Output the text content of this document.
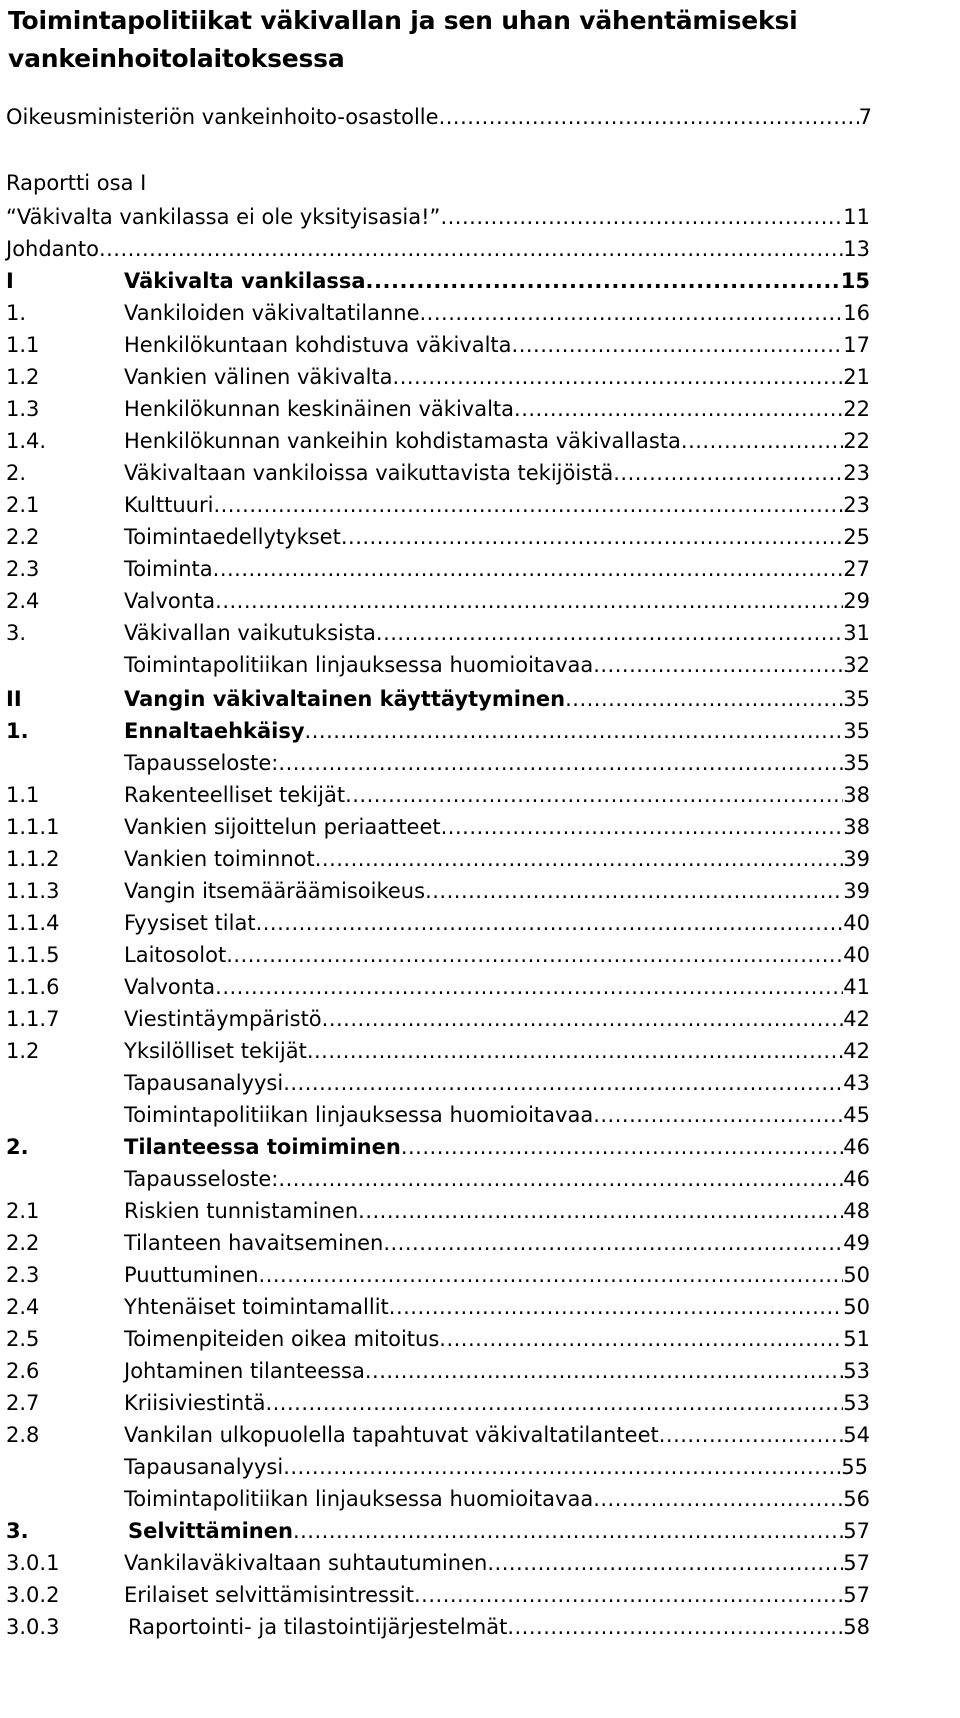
Toimintapolitiikat väkivallan ja sen uhan vähentämiseksi
vankeinhoitolaitoksessa
Oikeusministeriön vankeinhoito-osastolle .....	7
Raportti osa I
“Väkivalta vankilassa ei ole yksityisasia!” .....	11
Johdanto .....	13
I	Väkivalta vankilassa .....	15
1.	Vankiloiden väkivaltatilanne .....	16
1.1	Henkilökuntaan kohdistuva väkivalta .....	17
1.2	Vankien välinen väkivalta .....	21
1.3	Henkilökunnan keskinäinen väkivalta .....	22
1.4.	Henkilökunnan vankeihin kohdistamasta väkivallasta .....	22
2.	Väkivaltaan vankiloissa vaikuttavista tekijöistä .....	23
2.1	Kulttuuri .....	23
2.2	Toimintaedellytykset .....	25
2.3	Toiminta .....	27
2.4	Valvonta .....	29
3.	Väkivallan vaikutuksista .....	31
Toimintapolitiikan linjauksessa huomioitavaa .....	32
II	Vangin väkivaltainen käyttäytyminen .....	35
1.	Ennaltaehkäisy .....	35
Tapausseloste: .....	35
1.1	Rakenteelliset tekijät .....	38
1.1.1	Vankien sijoittelun periaatteet .....	38
1.1.2	Vankien toiminnot .....	39
1.1.3	Vangin itsemääräämisoikeus .....	39
1.1.4	Fyysiset tilat .....	40
1.1.5	Laitosolot .....	40
1.1.6	Valvonta .....	41
1.1.7	Viestintäympäristö .....	42
1.2	Yksilölliset tekijät .....	42
Tapausanalyysi .....	43
Toimintapolitiikan linjauksessa huomioitavaa .....	45
2.	Tilanteessa toimiminen .....	46
Tapausseloste: .....	46
2.1	Riskien tunnistaminen .....	48
2.2	Tilanteen havaitseminen .....	49
2.3	Puuttuminen .....	50
2.4	Yhtenäiset toimintamallit .....	50
2.5	Toimenpiteiden oikea mitoitus .....	51
2.6	Johtaminen tilanteessa .....	53
2.7	Kriisiviestintä .....	53
2.8	Vankilan ulkopuolella tapahtuvat väkivaltatilanteet .....	54
Tapausanalyysi .....	55
Toimintapolitiikan linjauksessa huomioitavaa .....	56
3.	Selvittäminen .....	57
3.0.1	Vankilaväkivaltaan suhtautuminen .....	57
3.0.2	Erilaiset selvittämisintressit .....	57
3.0.3	Raportointi- ja tilastointijärjestelmät .....	58
